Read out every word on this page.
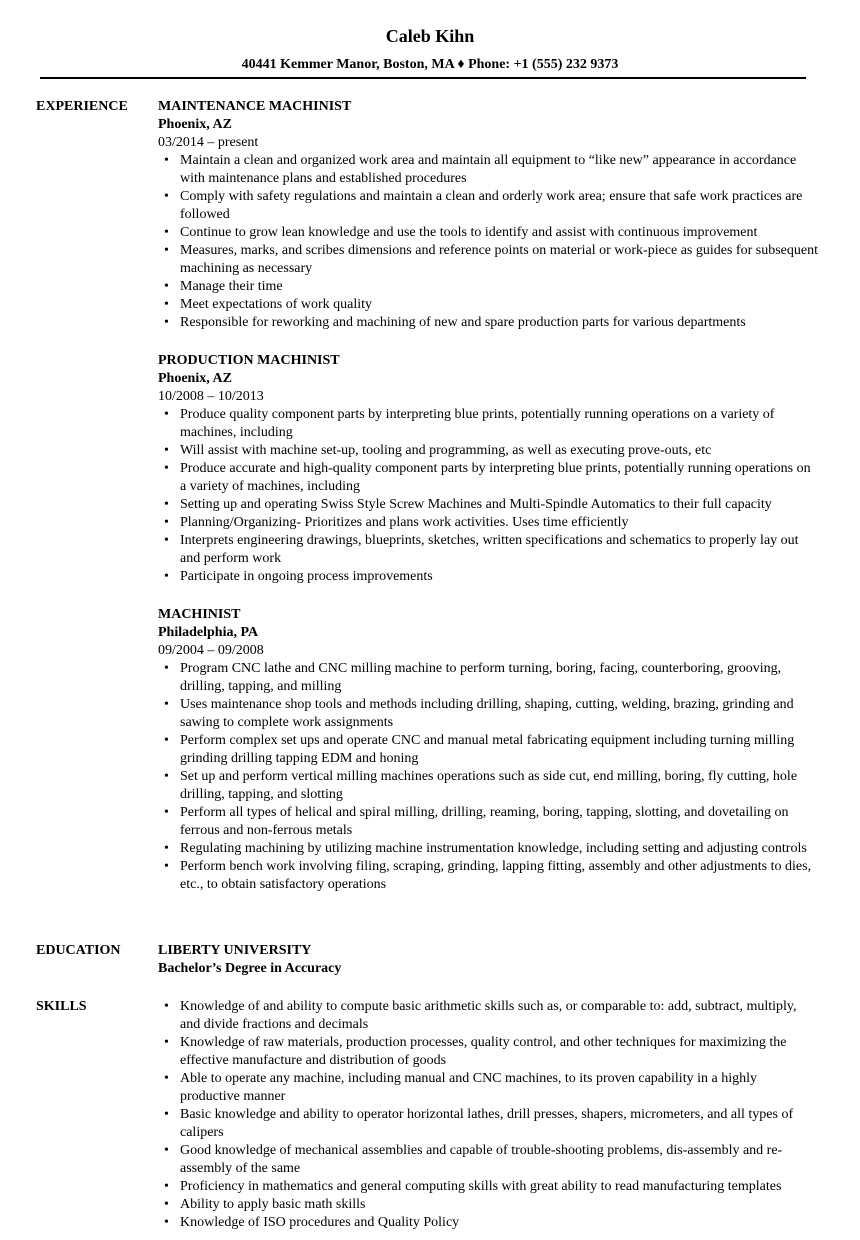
Caleb Kihn
40441 Kemmer Manor, Boston, MA ♦ Phone: +1 (555) 232 9373
EXPERIENCE	MAINTENANCE MACHINIST
Phoenix, AZ
03/2014 – present
• Maintain a clean and organized work area and maintain all equipment to “like new” appearance in accordance with maintenance plans and established procedures
• Comply with safety regulations and maintain a clean and orderly work area; ensure that safe work practices are followed
• Continue to grow lean knowledge and use the tools to identify and assist with continuous improvement
• Measures, marks, and scribes dimensions and reference points on material or work-piece as guides for subsequent machining as necessary
• Manage their time
• Meet expectations of work quality
• Responsible for reworking and machining of new and spare production parts for various departments
PRODUCTION MACHINIST
Phoenix, AZ
10/2008 – 10/2013
• Produce quality component parts by interpreting blue prints, potentially running operations on a variety of machines, including
• Will assist with machine set-up, tooling and programming, as well as executing prove-outs, etc
• Produce accurate and high-quality component parts by interpreting blue prints, potentially running operations on a variety of machines, including
• Setting up and operating Swiss Style Screw Machines and Multi-Spindle Automatics to their full capacity
• Planning/Organizing- Prioritizes and plans work activities. Uses time efficiently
• Interprets engineering drawings, blueprints, sketches, written specifications and schematics to properly lay out and perform work
• Participate in ongoing process improvements
MACHINIST
Philadelphia, PA
09/2004 – 09/2008
• Program CNC lathe and CNC milling machine to perform turning, boring, facing, counterboring, grooving, drilling, tapping, and milling
• Uses maintenance shop tools and methods including drilling, shaping, cutting, welding, brazing, grinding and sawing to complete work assignments
• Perform complex set ups and operate CNC and manual metal fabricating equipment including turning milling grinding drilling tapping EDM and honing
• Set up and perform vertical milling machines operations such as side cut, end milling, boring, fly cutting, hole drilling, tapping, and slotting
• Perform all types of helical and spiral milling, drilling, reaming, boring, tapping, slotting, and dovetailing on ferrous and non-ferrous metals
• Regulating machining by utilizing machine instrumentation knowledge, including setting and adjusting controls
• Perform bench work involving filing, scraping, grinding, lapping fitting, assembly and other adjustments to dies, etc., to obtain satisfactory operations
EDUCATION	LIBERTY UNIVERSITY
Bachelor’s Degree in Accuracy
SKILLS
•	Knowledge of and ability to compute basic arithmetic skills such as, or comparable to: add, subtract, multiply, and divide fractions and decimals
• Knowledge of raw materials, production processes, quality control, and other techniques for maximizing the effective manufacture and distribution of goods
• Able to operate any machine, including manual and CNC machines, to its proven capability in a highly productive manner
• Basic knowledge and ability to operator horizontal lathes, drill presses, shapers, micrometers, and all types of calipers
• Good knowledge of mechanical assemblies and capable of trouble-shooting problems, dis-assembly and re-assembly of the same
• Proficiency in mathematics and general computing skills with great ability to read manufacturing templates
• Ability to apply basic math skills
• Knowledge of ISO procedures and Quality Policy
